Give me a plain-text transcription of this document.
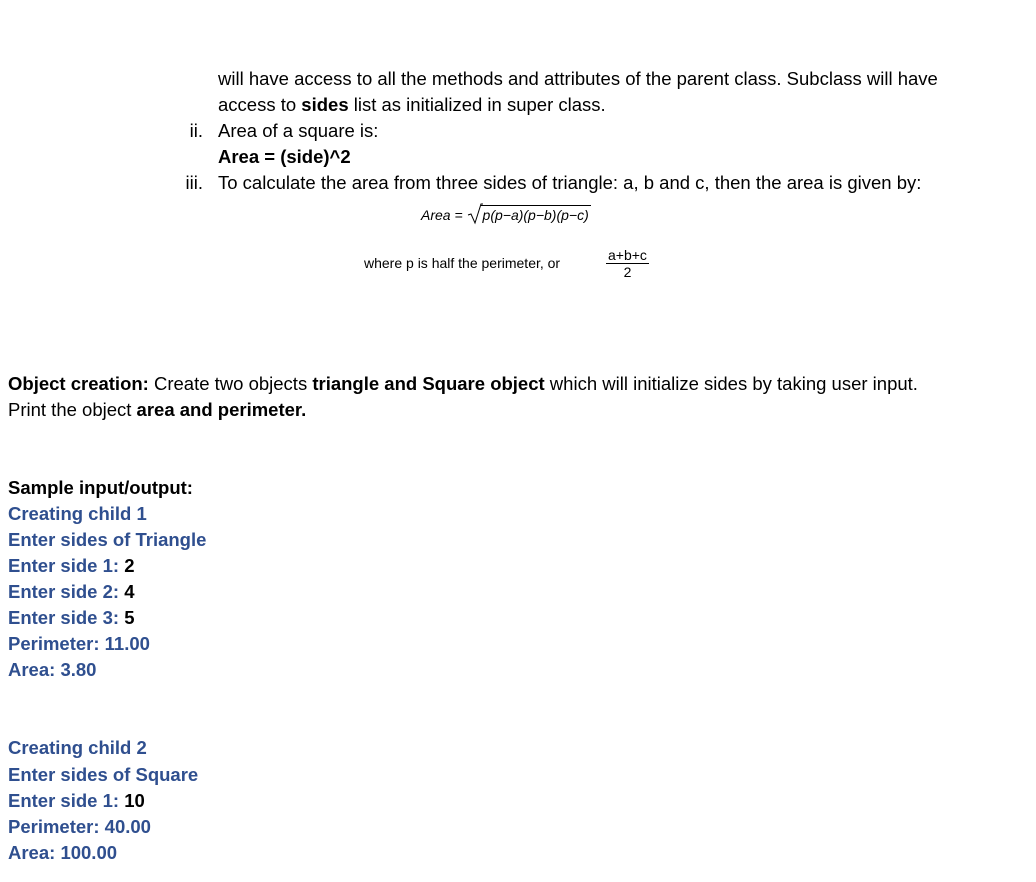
will have access to all the methods and attributes of the parent class. Subclass will have
access to sides list as initialized in super class.
ii. Area of a square is:
Area = (side)^2
iii. To calculate the area from three sides of triangle: a, b and c, then the area is given by:
Area =
p(p−a)(p−b)(p−c)
where p is half the perimeter, or	$\frac{a+b+c}{2}$
Object creation: Create two objects triangle and Square object which will initialize sides by taking user input.
Print the object area and perimeter.
Sample input/output:
Creating child 1
Enter sides of Triangle
Enter side 1: 2
Enter side 2: 4
Enter side 3: 5
Perimeter: 11.00
Area: 3.80
Creating child 2
Enter sides of Square
Enter side 1: 10
Perimeter: 40.00
Area: 100.00
